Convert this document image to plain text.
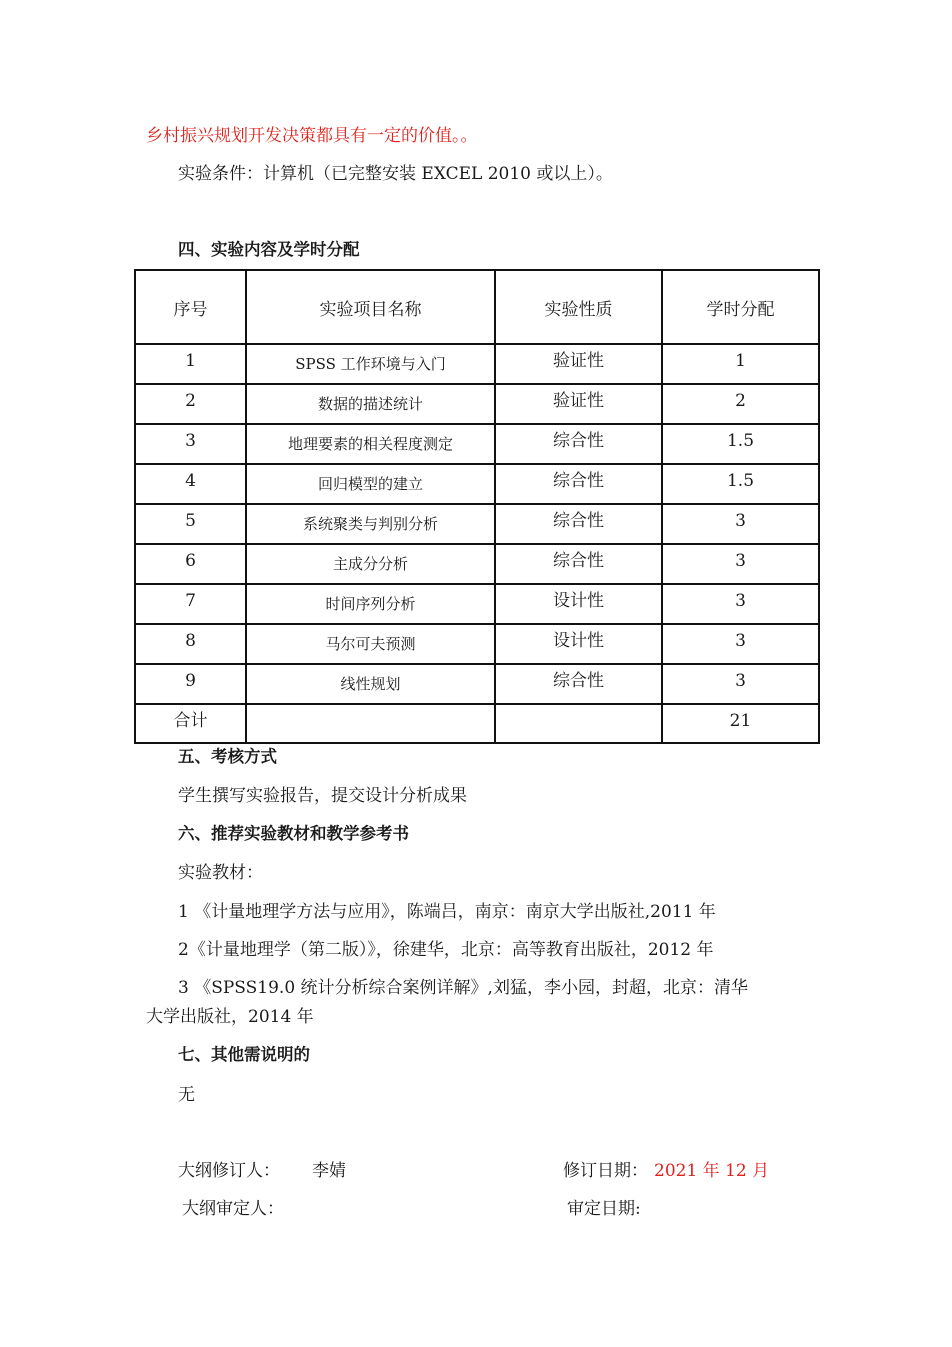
乡村振兴规划开发决策都具有一定的价值。。
实验条件：计算机（已完整安装 EXCEL 2010 或以上）。
四、实验内容及学时分配
序号	实验项目名称	实验性质	学时分配
1	SPSS 工作环境与入门	验证性	1
2	数据的描述统计	验证性	2
3	地理要素的相关程度测定	综合性	1.5
4	回归模型的建立	综合性	1.5
5	系统聚类与判别分析	综合性	3
6	主成分分析	综合性	3
7	时间序列分析	设计性	3
8	马尔可夫预测	设计性	3
9	线性规划	综合性	3
合计			21
五、考核方式
学生撰写实验报告，提交设计分析成果
六、推荐实验教材和教学参考书
实验教材：
1 《计量地理学方法与应用》，陈端吕，南京：南京大学出版社,2011 年
2《计量地理学（第二版）》，徐建华，北京：高等教育出版社，2012 年
3 《SPSS19.0 统计分析综合案例详解》,刘猛，李小园，封超，北京：清华
大学出版社，2014 年
七、其他需说明的
无
大纲修订人： 李婧	修订日期： 2021 年 12 月
大纲审定人：	审定日期:
